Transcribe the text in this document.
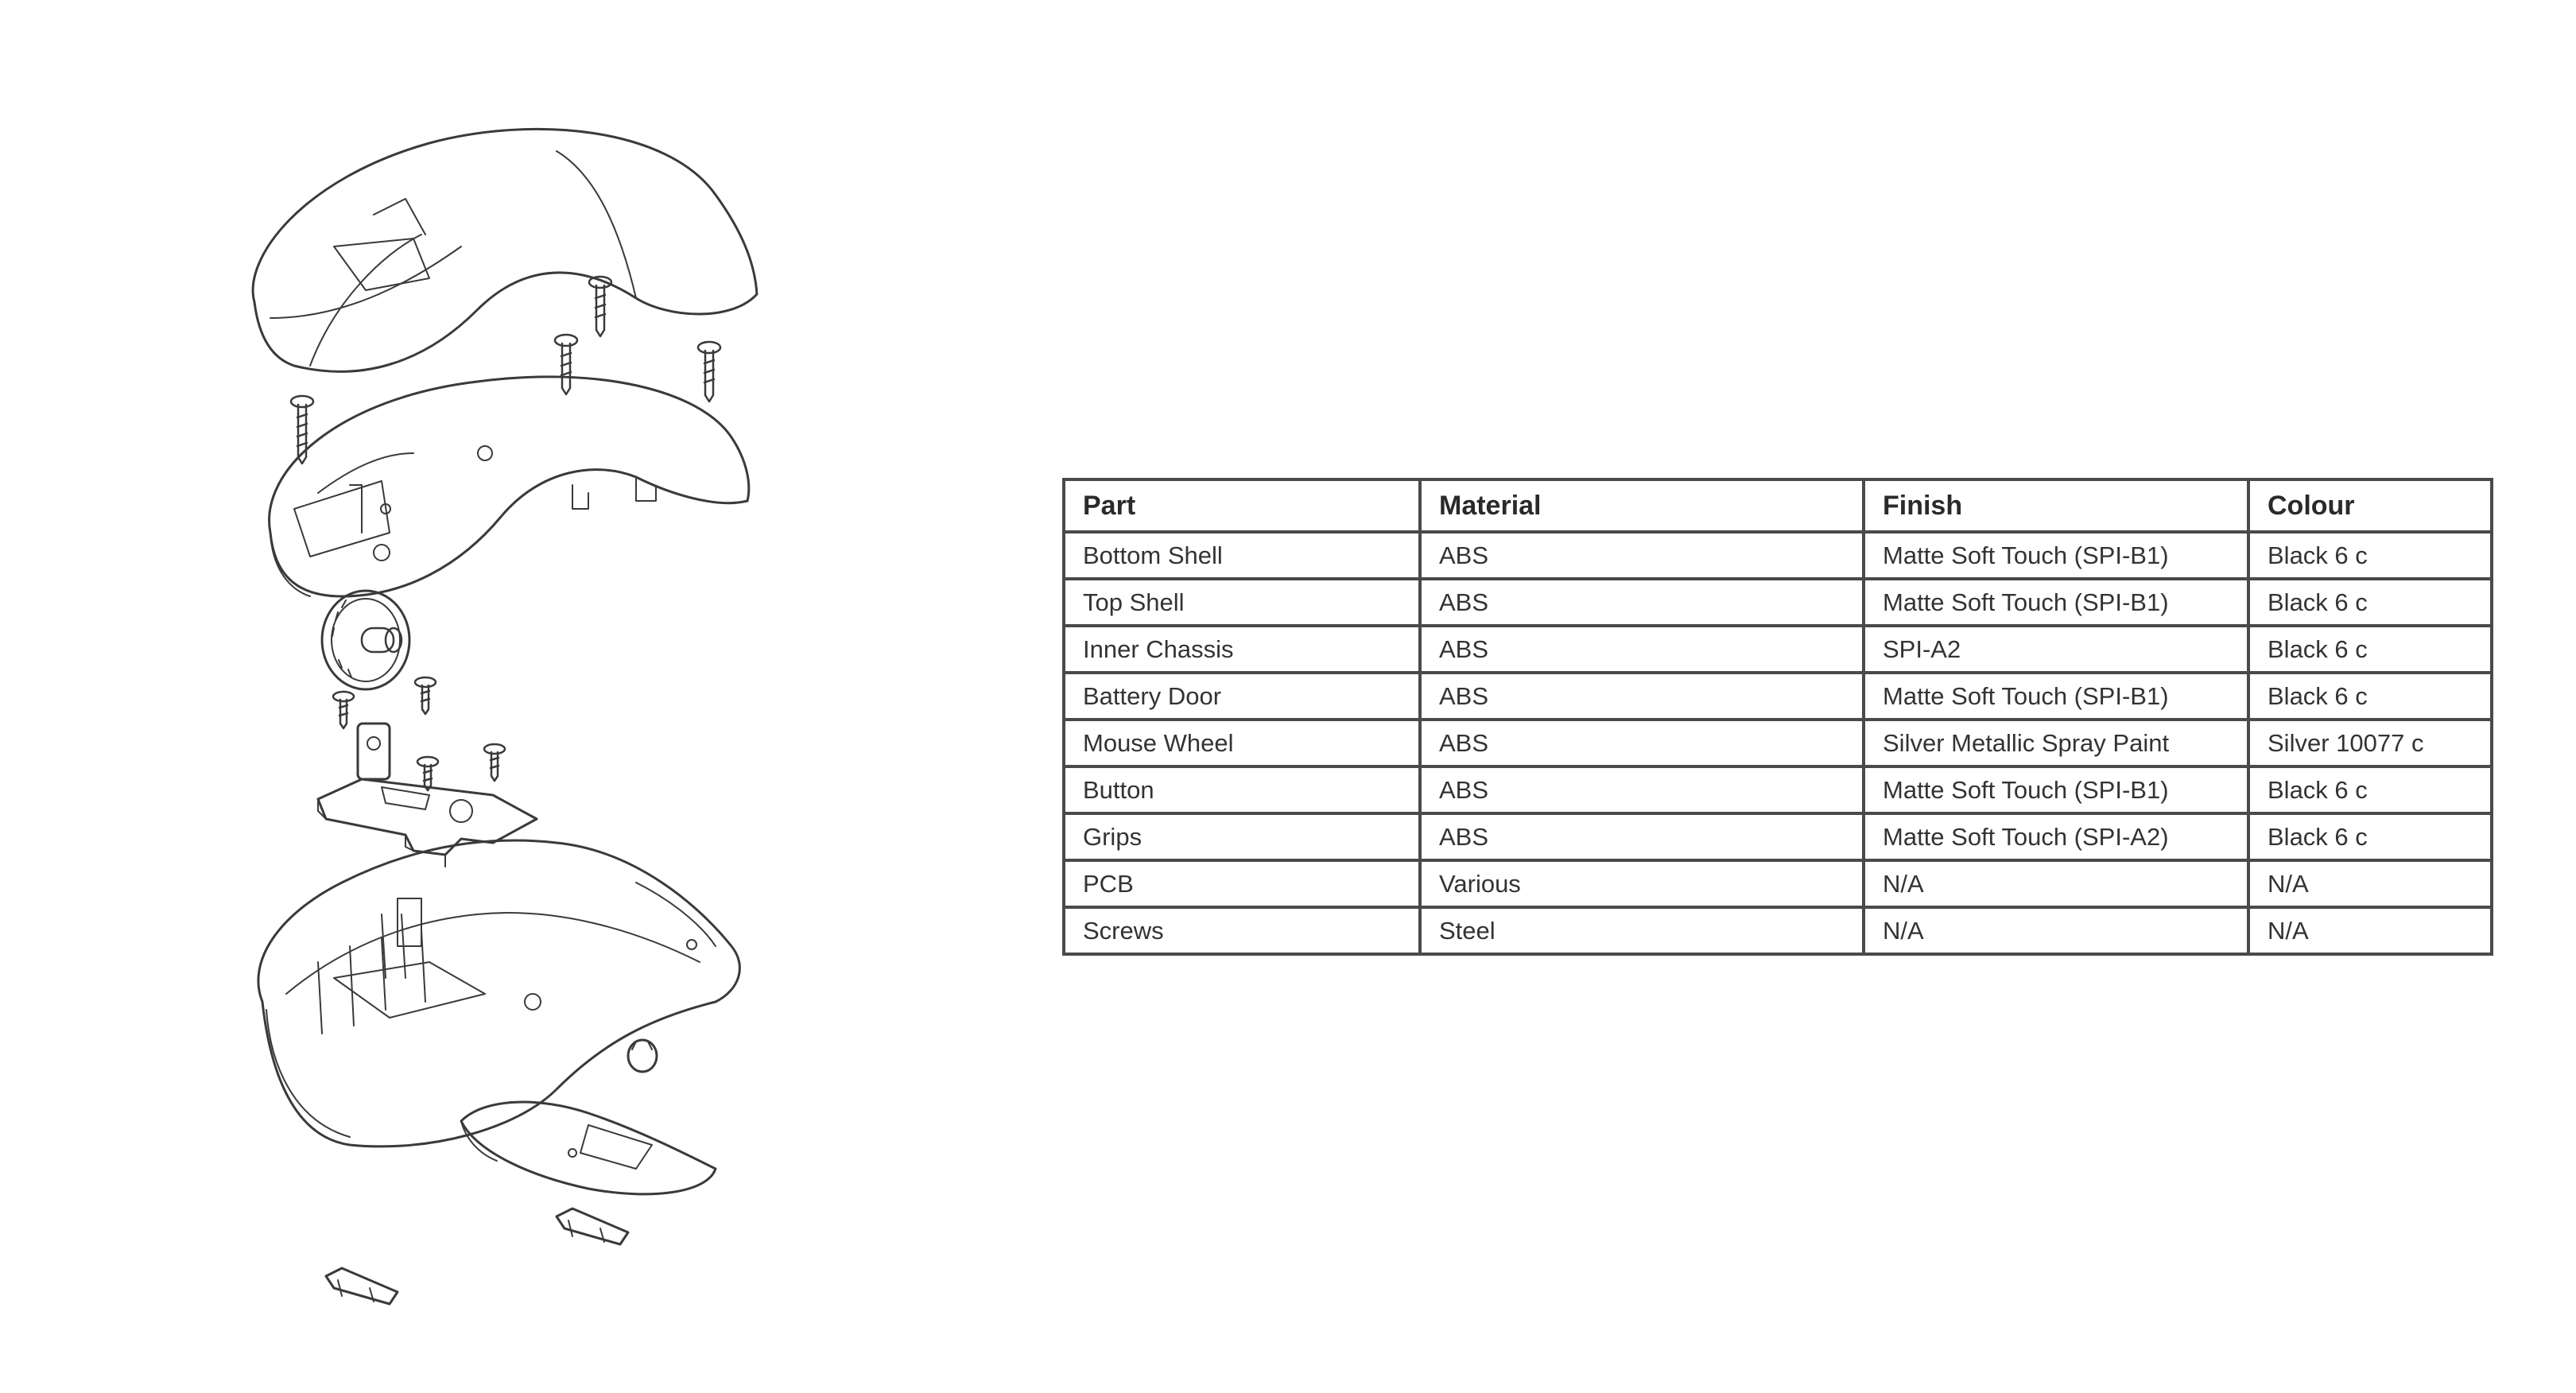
Part	Material	Finish	Colour
Bottom Shell	ABS	Matte Soft Touch (SPI-B1)	Black 6 c
Top Shell	ABS	Matte Soft Touch (SPI-B1)	Black 6 c
Inner Chassis	ABS	SPI-A2	Black 6 c
Battery Door	ABS	Matte Soft Touch (SPI-B1)	Black 6 c
Mouse Wheel	ABS	Silver Metallic Spray Paint	Silver 10077 c
Button	ABS	Matte Soft Touch (SPI-B1)	Black 6 c
Grips	ABS	Matte Soft Touch (SPI-A2)	Black 6 c
PCB	Various	N/A	N/A
Screws	Steel	N/A	N/A
